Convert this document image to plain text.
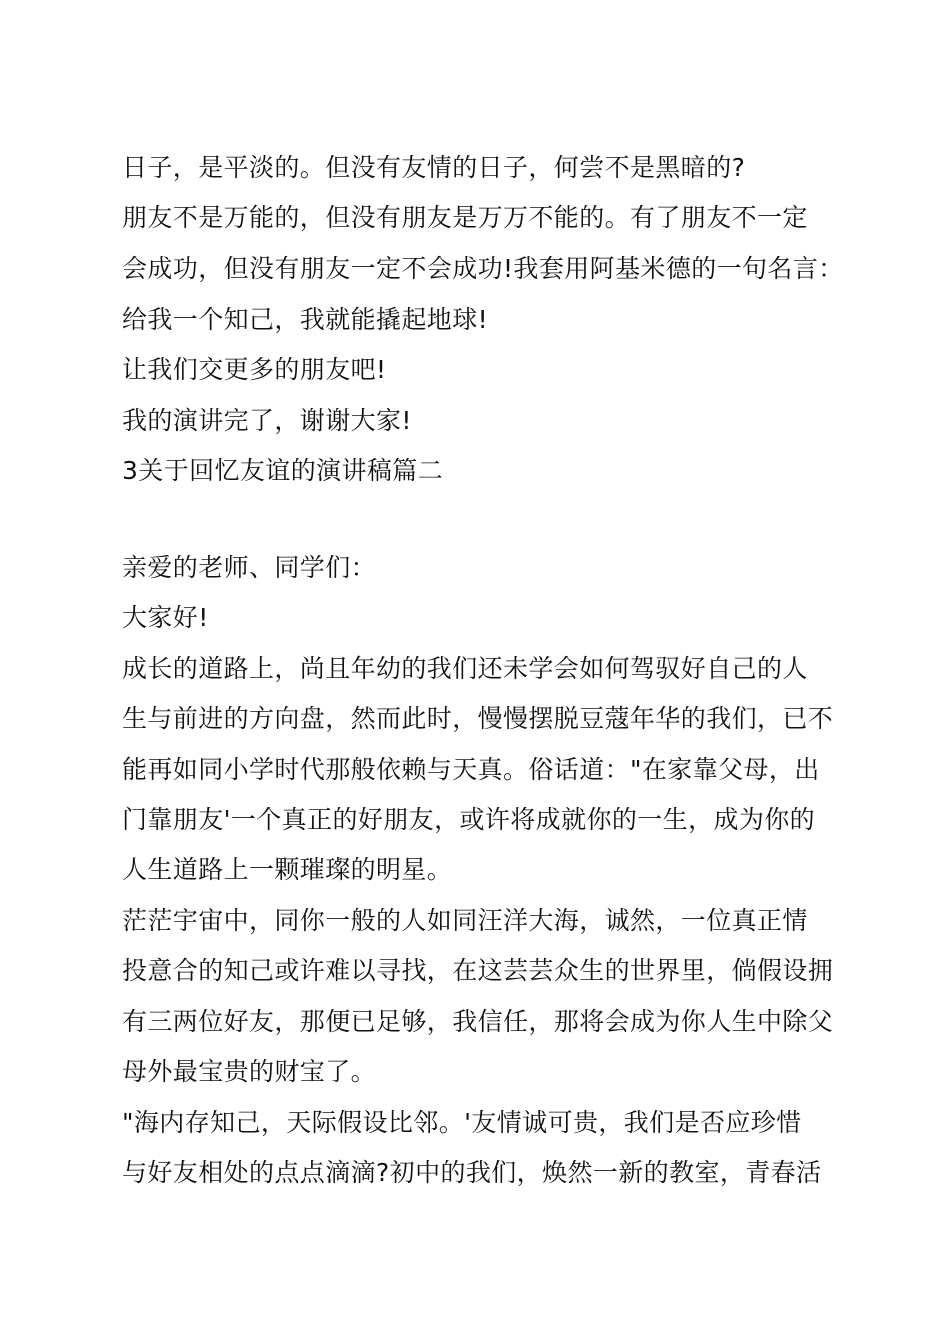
日子，是平淡的。但没有友情的日子，何尝不是黑暗的?
朋友不是万能的，但没有朋友是万万不能的。有了朋友不一定
会成功，但没有朋友一定不会成功!我套用阿基米德的一句名言：
给我一个知己，我就能撬起地球!
让我们交更多的朋友吧!
我的演讲完了，谢谢大家!
3关于回忆友谊的演讲稿篇二
亲爱的老师、同学们：
大家好!
成长的道路上，尚且年幼的我们还未学会如何驾驭好自己的人
生与前进的方向盘，然而此时，慢慢摆脱豆蔻年华的我们，已不
能再如同小学时代那般依赖与天真。俗话道："在家靠父母，出
门靠朋友'一个真正的好朋友，或许将成就你的一生，成为你的
人生道路上一颗璀璨的明星。
茫茫宇宙中，同你一般的人如同汪洋大海，诚然，一位真正情
投意合的知己或许难以寻找，在这芸芸众生的世界里，倘假设拥
有三两位好友，那便已足够，我信任，那将会成为你人生中除父
母外最宝贵的财宝了。
"海内存知己，天际假设比邻。'友情诚可贵，我们是否应珍惜
与好友相处的点点滴滴?初中的我们，焕然一新的教室，青春活
